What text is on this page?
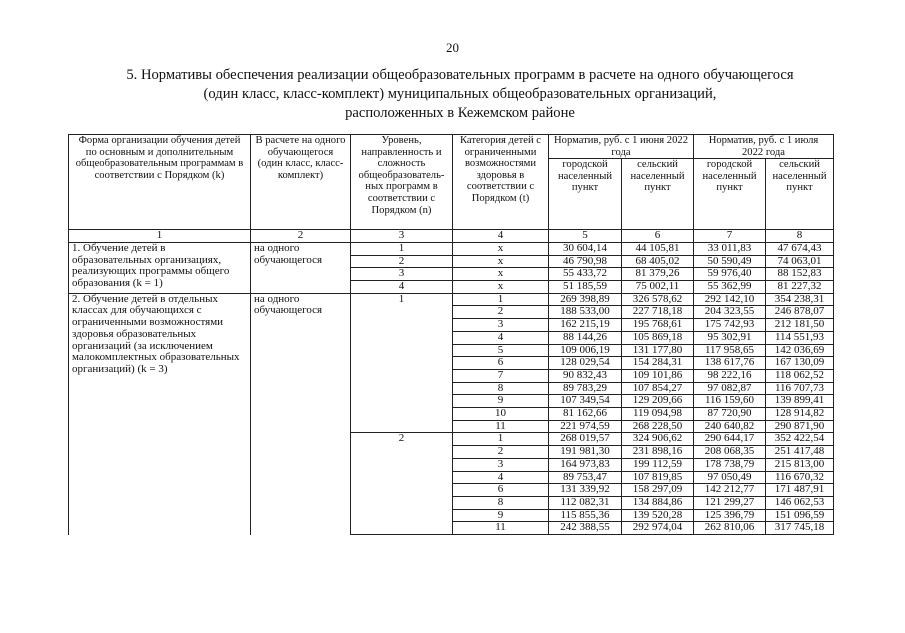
20
5. Нормативы обеспечения реализации общеобразовательных программ в расчете на одного обучающегося
(один класс, класс-комплект) муниципальных общеобразовательных организаций,
расположенных в Кежемском районе
Форма организации обучения детей по основным и дополнительным общеобразовательным программам в соответствии с Порядком (k)	В расчете на одного обучающегося (один класс, класс-комплект)	Уровень, направленность и сложность общеобразователь-ных программ в соответствии с Порядком (n)	Категория детей с ограниченными возможностями здоровья в соответствии с Порядком (t)	Норматив, руб. с 1 июня 2022 года		Норматив, руб. с 1 июля 2022 года	
				городской населенный пункт	сельский населенный пункт	городской населенный пункт	сельский населенный пункт
1	2	3	4	5	6	7	8
1. Обучение детей в образовательных организациях, реализующих программы общего образования (k = 1)	на одного обучающегося	1	х	30 604,14	44 105,81	33 011,83	47 674,43
		2	х	46 790,98	68 405,02	50 590,49	74 063,01
		3	х	55 433,72	81 379,26	59 976,40	88 152,83
		4	х	51 185,59	75 002,11	55 362,99	81 227,32
2. Обучение детей в отдельных классах для обучающихся с ограниченными возможностями здоровья образовательных организаций (за исключением малокомплектных образовательных организаций) (k = 3)	на одного обучающегося	1	1	269 398,89	326 578,62	292 142,10	354 238,31
			2	188 533,00	227 718,18	204 323,55	246 878,07
			3	162 215,19	195 768,61	175 742,93	212 181,50
			4	88 144,26	105 869,18	95 302,91	114 551,93
			5	109 006,19	131 177,80	117 958,65	142 036,69
			6	128 029,54	154 284,31	138 617,76	167 130,09
			7	90 832,43	109 101,86	98 222,16	118 062,52
			8	89 783,29	107 854,27	97 082,87	116 707,73
			9	107 349,54	129 209,66	116 159,60	139 899,41
			10	81 162,66	119 094,98	87 720,90	128 914,82
			11	221 974,59	268 228,50	240 640,82	290 871,90
		2	1	268 019,57	324 906,62	290 644,17	352 422,54
			2	191 981,30	231 898,16	208 068,35	251 417,48
			3	164 973,83	199 112,59	178 738,79	215 813,00
			4	89 753,47	107 819,85	97 050,49	116 670,32
			6	131 339,92	158 297,09	142 212,77	171 487,91
			8	112 082,31	134 884,86	121 299,27	146 062,53
			9	115 855,36	139 520,28	125 396,79	151 096,59
			11	242 388,55	292 974,04	262 810,06	317 745,18
